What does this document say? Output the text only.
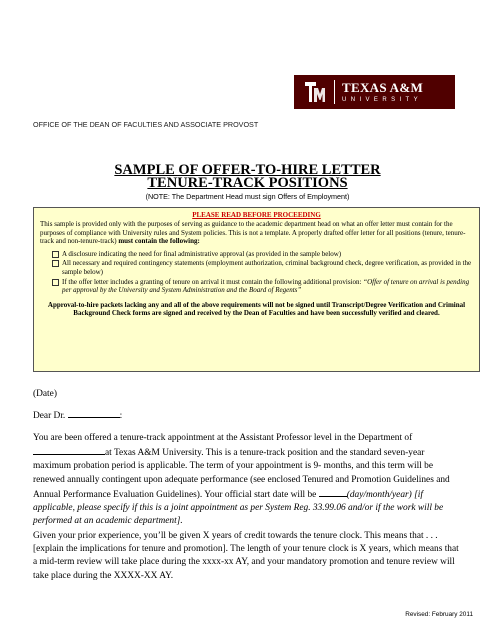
TEXAS A&M
UNIVERSITY
OFFICE OF THE DEAN OF FACULTIES AND ASSOCIATE PROVOST
SAMPLE OF OFFER-TO-HIRE LETTER
TENURE-TRACK POSITIONS
(NOTE: The Department Head must sign Offers of Employment)
PLEASE READ BEFORE PROCEEDING
This sample is provided only with the purposes of serving as guidance to the academic department head on what an offer letter must contain for the purposes of compliance with University rules and System policies. This is not a template. A properly drafted offer letter for all positions (tenure, tenure-track and non-tenure-track) must contain the following:
A disclosure indicating the need for final administrative approval (as provided in the sample below)
All necessary and required contingency statements (employment authorization, criminal background check, degree verification, as provided in the sample below)
If the offer letter includes a granting of tenure on arrival it must contain the following additional provision: “Offer of tenure on arrival is pending per approval by the University and System Administration and the Board of Regents”
Approval-to-hire packets lacking any and all of the above requirements will not be signed until Transcript/Degree Verification and Criminal Background Check forms are signed and received by the Dean of Faculties and have been successfully verified and cleared.
(Date)
Dear Dr.	:
You are been offered a tenure-track appointment at the Assistant Professor level in the Department of at Texas A&M University. This is a tenure-track position and the standard seven-year maximum probation period is applicable. The term of your appointment is 9- months, and this term will be renewed annually contingent upon adequate performance (see enclosed Tenured and Promotion Guidelines and Annual Performance Evaluation Guidelines). Your official start date will be	(day/month/year) [if applicable, please specify if this is a joint appointment as per System Reg. 33.99.06 and/or if the work will be performed at an academic department].
Given your prior experience, you’ll be given X years of credit towards the tenure clock. This means that . . . [explain the implications for tenure and promotion]. The length of your tenure clock is X years, which means that a mid-term review will take place during the xxxx-xx AY, and your mandatory promotion and tenure review will take place during the XXXX-XX AY.
Revised: February 2011
